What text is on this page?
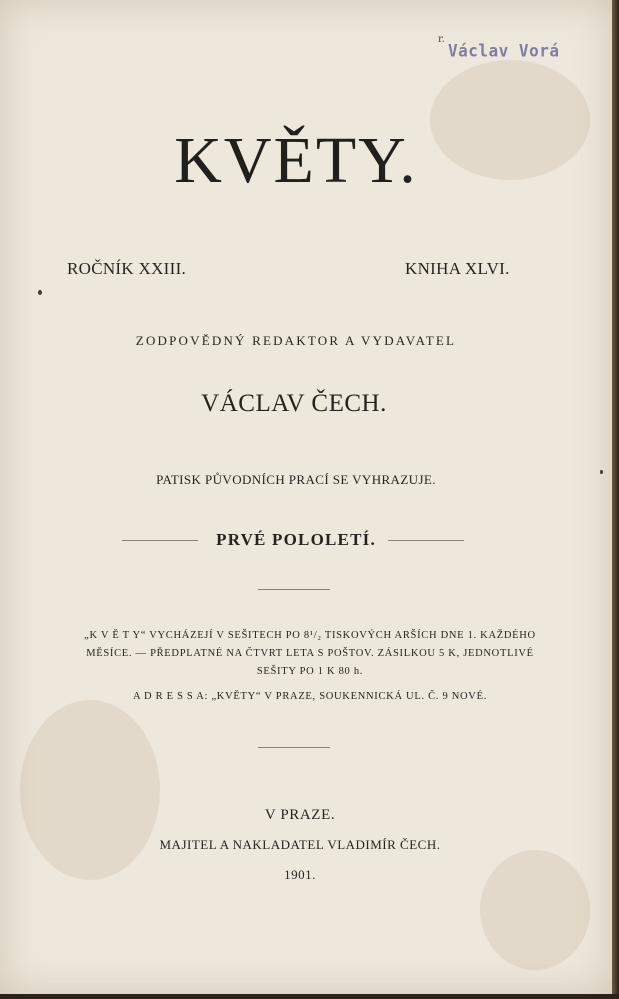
r.
Václav Vorá
KVĚTY.
ROČNÍK XXIII.	KNIHA XLVI.
ZODPOVĚDNÝ REDAKTOR A VYDAVATEL
VÁCLAV ČECH.
PATISK PŮVODNÍCH PRACÍ SE VYHRAZUJE.
PRVÉ POLOLETÍ.
„K V Ě T Y“ VYCHÁZEJÍ V SEŠITECH PO 8¹/₂ TISKOVÝCH ARŠÍCH DNE 1. KAŽDÉHO
MĚSÍCE. — PŘEDPLATNÉ NA ČTVRT LETA S POŠTOV. ZÁSILKOU 5 K, JEDNOTLIVÉ
SEŠITY PO 1 K 80 h.
A D R E S S A: „KVĚTY“ V PRAZE, SOUKENNICKÁ UL. Č. 9 NOVÉ.
V PRAZE.
MAJITEL A NAKLADATEL VLADIMÍR ČECH.
1901.
